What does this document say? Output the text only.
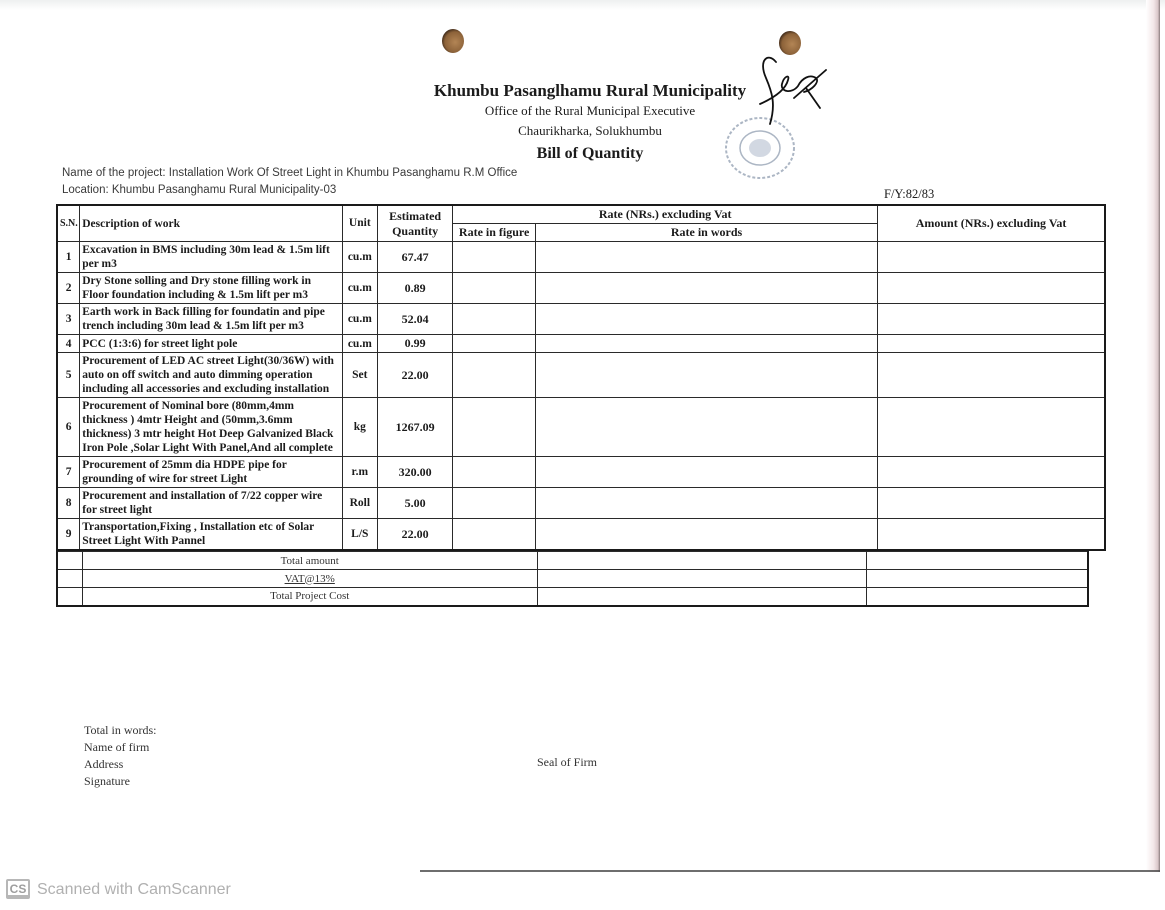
Khumbu Pasanglhamu Rural Municipality
Office of the Rural Municipal Executive
Chaurikharka, Solukhumbu
Bill of Quantity
Name of the project: Installation Work Of Street Light in Khumbu Pasanghamu R.M Office
Location: Khumbu Pasanghamu Rural Municipality-03	F/Y:82/83
S.N.	Description of work	Unit	Estimated Quantity	Rate (NRs.) excluding Vat		Amount (NRs.) excluding Vat
				Rate in figure	Rate in words	
1	Excavation in BMS including 30m lead & 1.5m lift per m3	cu.m	67.47			
2	Dry Stone solling and Dry stone filling work in Floor foundation including & 1.5m lift per m3	cu.m	0.89			
3	Earth work in Back filling for foundatin and pipe trench including 30m lead & 1.5m lift per m3	cu.m	52.04			
4	PCC (1:3:6) for street light pole	cu.m	0.99			
5	Procurement of LED AC street Light(30/36W) with auto on off switch and auto dimming operation including all accessories and excluding installation	Set	22.00			
6	Procurement of Nominal bore (80mm,4mm thickness ) 4mtr Height and (50mm,3.6mm thickness) 3 mtr height Hot Deep Galvanized Black Iron Pole ,Solar Light With Panel,And all complete	kg	1267.09			
7	Procurement of 25mm dia HDPE pipe for grounding of wire for street Light	r.m	320.00			
8	Procurement and installation of 7/22 copper wire for street light	Roll	5.00			
9	Transportation,Fixing , Installation etc of Solar Street Light With Pannel	L/S	22.00			
	Total amount		
	VAT@13%		
	Total Project Cost		
Total in words:
Name of firm
Address
Signature
Seal of Firm
CS Scanned with CamScanner
